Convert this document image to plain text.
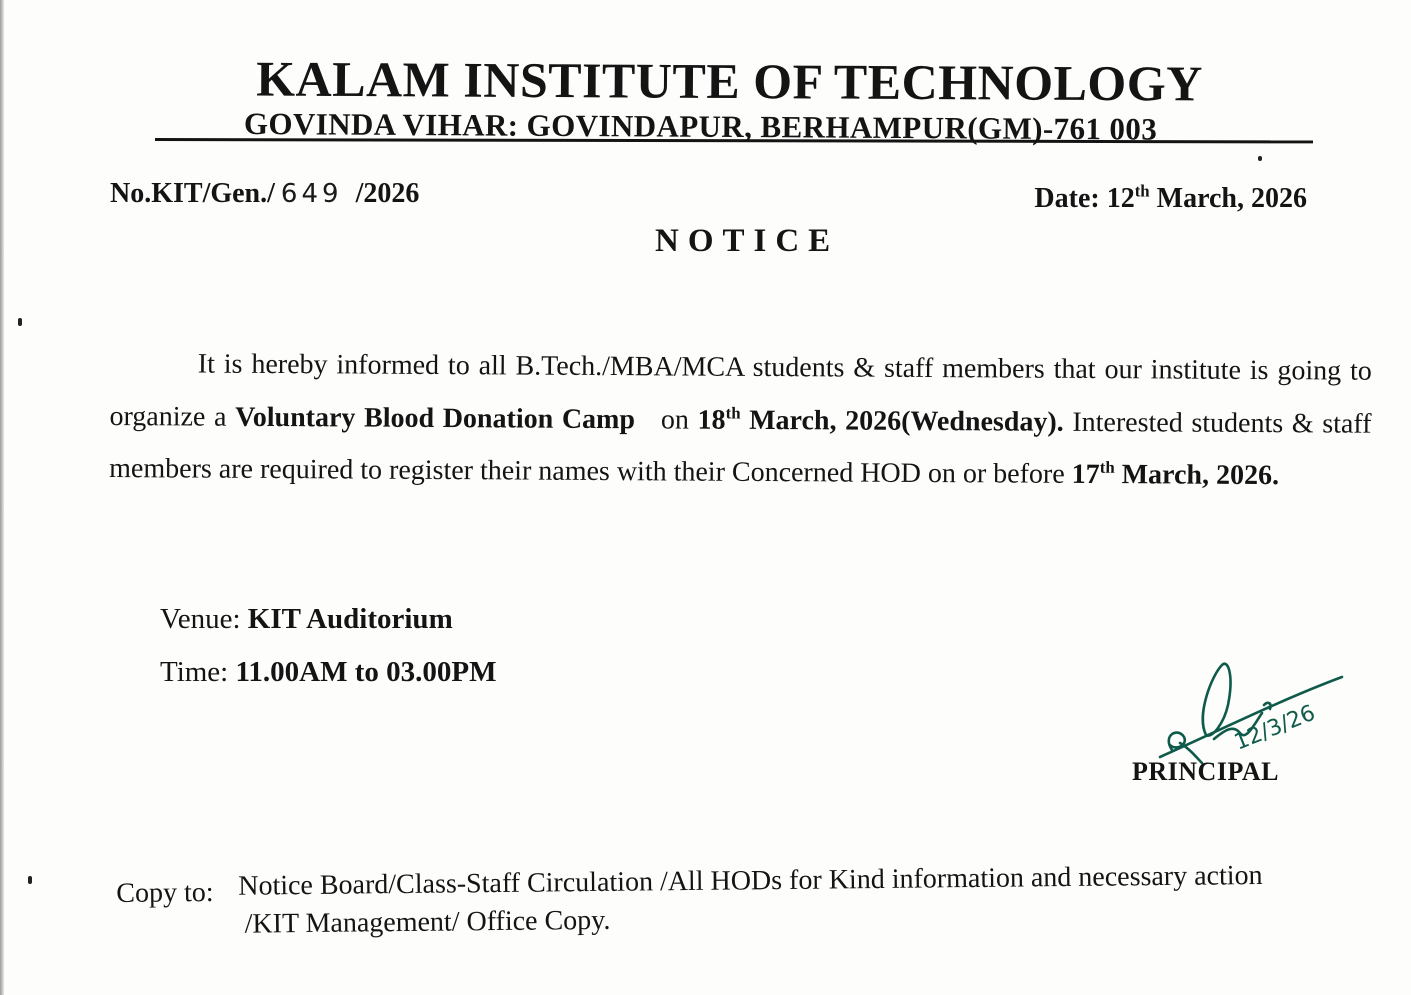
KALAM INSTITUTE OF TECHNOLOGY
GOVINDA VIHAR: GOVINDAPUR, BERHAMPUR(GM)-761 003
No.KIT/Gen./ 649 /2026	Date: 12th March, 2026
NOTICE
It is hereby informed to all B.Tech./MBA/MCA students & staff members that our institute is going to organize a Voluntary Blood Donation Camp   on 18th March, 2026(Wednesday). Interested students & staff members are required to register their names with their Concerned HOD on or before 17th March, 2026.
Venue: KIT Auditorium
Time: 11.00AM to 03.00PM
12/3/26
PRINCIPAL
Copy to: Notice Board/Class-Staff Circulation /All HODs for Kind information and necessary action
/KIT Management/ Office Copy.
